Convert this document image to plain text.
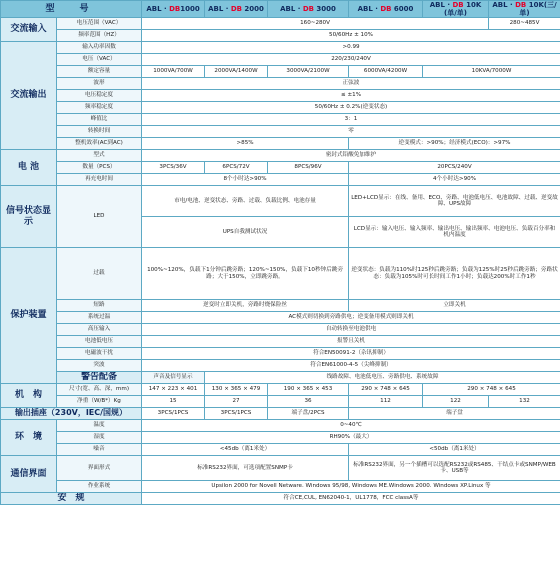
型　号		ABL · DB1000	ABL · DB 2000	ABL · DB 3000	ABL · DB 6000	ABL · DB 10K(单/单)	ABL · DB 10K(三/单)
交流输入	电压范围（VAC）	160~280V					280~485V
	频率范围（HZ）	50/60Hz ± 10%					
交流输出	输入功率因数	>0.99					
	电压（VAC）	220/230/240V					
	额定容量	1000VA/700W	2000VA/1400W	3000VA/2100W	6000VA/4200W	10KVA/7000W	
	波形	正弦波					
	电压稳定度	≤ ±1%					
	频率稳定度	50/60Hz ± 0.2%(逆变状态)					
	峰值比	3：1					
	转换时间	零					
	整机效率(AC到AC)	>85%			逆变模式：>90%；经济模式(ECO)：>97%		
电 池	型式	密封式铅酸免加维护					
	数量（PCS）	3PCS/36V	6PCS/72V	8PCS/96V	20PCS/240V		
	再充电时间	8个小时达>90%			4个小时达>90%		
信号状态显示	LED	市电/电池、逆变状态、旁路、过载、负载比例、电池存量			LED+LCD显示：在线、备用、ECO、旁路、电池低电压、电池故障、过载、逆变故障、UPS故障		
		UPS自我测试状况			LCD显示：输入电压、输入频率、输出电压、输出频率、电池电压、负载百分率和机内温度		
保护装置	过载	100%~120%，负载下1分钟后跳旁路；120%~150%，负载下10秒钟后跳旁路；大于150%，立即跳旁路。			逆变状态：负载为110%时125秒后跳旁路；负载为125%时25秒后跳旁路；旁路状态：负载为105%时可长时间工作1小时；负载达200%时工作1秒		
	短路	逆变时立即关机，旁路时烧保险丝			立即关机		
	系统过温	AC模式则切换到旁路供电；逆变备用模式则即关机					
	高压输入	自动转换至电池供电					
	电池低电压	报警且关机					
	电磁波干扰	符合EN50091-2（杂讯抑制）					
	突波	符合EN61000-4-5（尖峰抑制）					
	警告配备	声音及信号显示	线路故障、电池低电压、旁路供电、系统故障				
机　构	尺寸(宽、高、深，mm)	147 × 223 × 401	130 × 365 × 479	190 × 365 × 453	290 × 748 × 645	290 × 748 × 645	
	净重（W/B*）Kg	15	27	36	112	122	132
输出插座（230V，IEC/国规）		3PCS/1PCS	3PCS/1PCS	端子盘/2PCS	端子盘		
环　境	温度	0~40℃					
	湿度	RH90%（最大）					
	噪音	<45db（离1米处）			<50db（离1米处）		
通信界面	界面形式	标准RS232界面，可选项配置SNMP卡			标准RS232界面，另一个插槽可以选配RS232或RS485、干结点卡或SNMP/WEB卡、USB等		
	作业系统	Upsilon 2000 for Novell Netware. Windows 95/98, Windows ME.Windows 2000. Windows XP.Linux 等					
安　规		符合CE,CUL, EN62040-1，UL1778，FCC classA等					
